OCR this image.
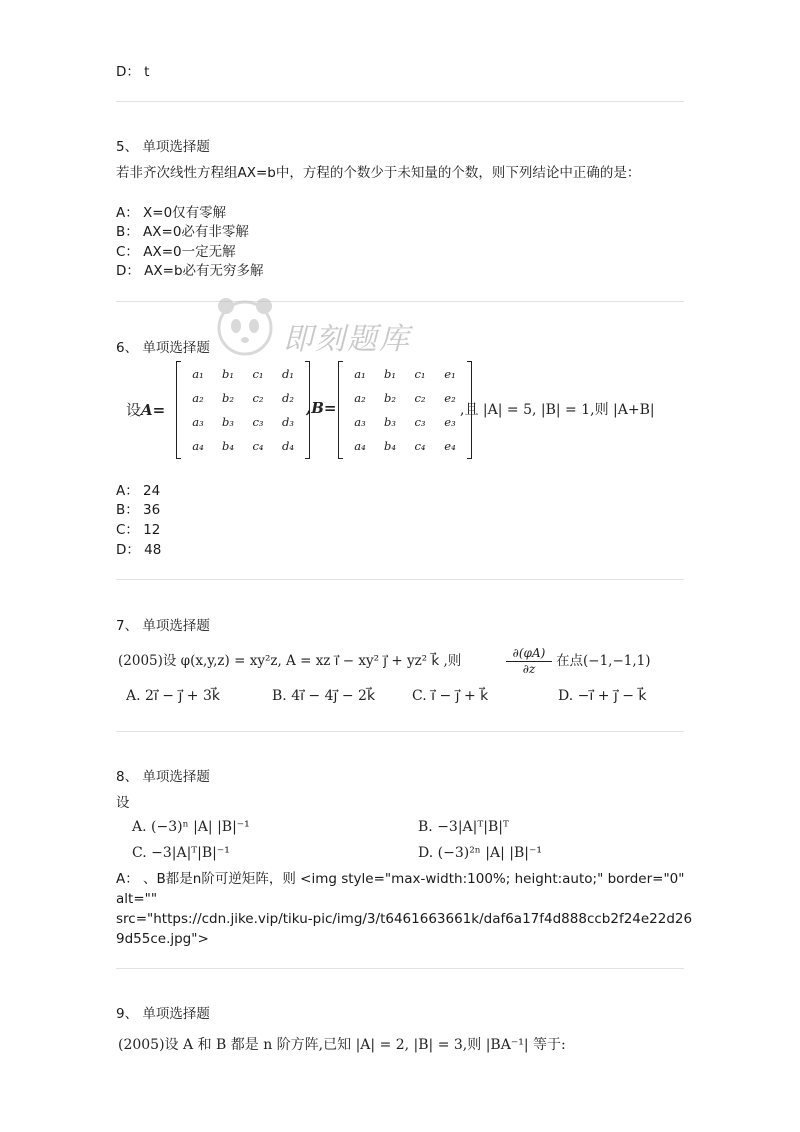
D： t
5、 单项选择题
若非齐次线性方程组AX=b中，方程的个数少于未知量的个数，则下列结论中正确的是：
A： X=0仅有零解
B： AX=0必有非零解
C： AX=0一定无解
D： AX=b必有无穷多解
即刻题库
6、 单项选择题
设A=
a₁	b₁	c₁	d₁
a₂	b₂	c₂	d₂
a₃	b₃	c₃	d₃
a₄	b₄	c₄	d₄
,B=
a₁	b₁	c₁	e₁
a₂	b₂	c₂	e₂
a₃	b₃	c₃	e₃
a₄	b₄	c₄	e₄
,且 |A| = 5, |B| = 1,则 |A+B|
A： 24
B： 36
C： 12
D： 48
7、 单项选择题
(2005)设 φ(x,y,z) = xy²z, A = xz i⃗ − xy² j⃗ + yz² k⃗ ,则	$\frac{\partial(\varphi A)}{\partial z}$ 在点(−1,−1,1)
A. 2i⃗ − j⃗ + 3k⃗	B. 4i⃗ − 4j⃗ − 2k⃗	C. i⃗ − j⃗ + k⃗	D. −i⃗ + j⃗ − k⃗
8、 单项选择题
设
A. (−3)ⁿ |A| |B|⁻¹	B. −3|A|ᵀ|B|ᵀ
C. −3|A|ᵀ|B|⁻¹	D. (−3)²ⁿ |A| |B|⁻¹
A： 、B都是n阶可逆矩阵，则 <img style="max-width:100%; height:auto;" border="0"
alt=""
src="https://cdn.jike.vip/tiku-pic/img/3/t6461663661k/daf6a17f4d888ccb2f24e22d26
9d55ce.jpg">
9、 单项选择题
(2005)设 A 和 B 都是 n 阶方阵,已知 |A| = 2, |B| = 3,则 |BA⁻¹| 等于:
